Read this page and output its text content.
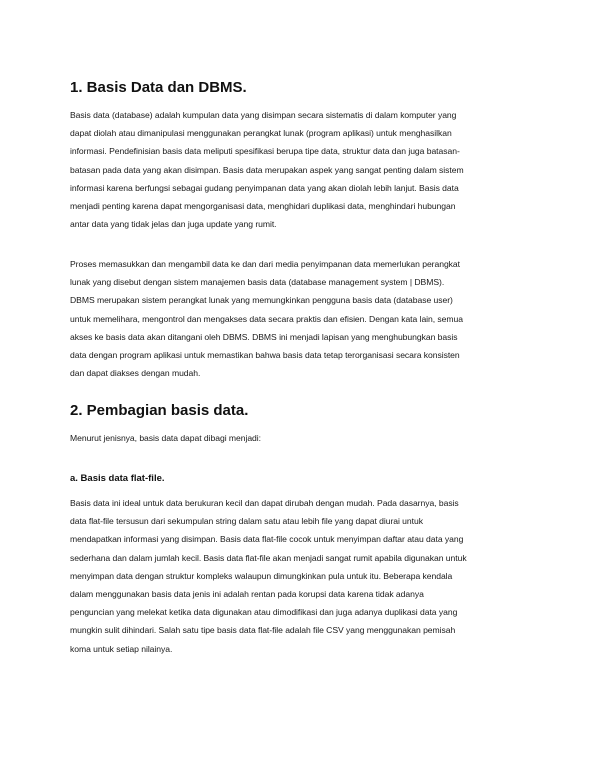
1. Basis Data dan DBMS.
Basis data (database) adalah kumpulan data yang disimpan secara sistematis di dalam komputer yang
dapat diolah atau dimanipulasi menggunakan perangkat lunak (program aplikasi) untuk menghasilkan
informasi. Pendefinisian basis data meliputi spesifikasi berupa tipe data, struktur data dan juga batasan-
batasan pada data yang akan disimpan. Basis data merupakan aspek yang sangat penting dalam sistem
informasi karena berfungsi sebagai gudang penyimpanan data yang akan diolah lebih lanjut. Basis data
menjadi penting karena dapat mengorganisasi data, menghidari duplikasi data, menghindari hubungan
antar data yang tidak jelas dan juga update yang rumit.
Proses memasukkan dan mengambil data ke dan dari media penyimpanan data memerlukan perangkat
lunak yang disebut dengan sistem manajemen basis data (database management system | DBMS).
DBMS merupakan sistem perangkat lunak yang memungkinkan pengguna basis data (database user)
untuk memelihara, mengontrol dan mengakses data secara praktis dan efisien. Dengan kata lain, semua
akses ke basis data akan ditangani oleh DBMS. DBMS ini menjadi lapisan yang menghubungkan basis
data dengan program aplikasi untuk memastikan bahwa basis data tetap terorganisasi secara konsisten
dan dapat diakses dengan mudah.
2. Pembagian basis data.
Menurut jenisnya, basis data dapat dibagi menjadi:
a. Basis data flat-file.
Basis data ini ideal untuk data berukuran kecil dan dapat dirubah dengan mudah. Pada dasarnya, basis
data flat-file tersusun dari sekumpulan string dalam satu atau lebih file yang dapat diurai untuk
mendapatkan informasi yang disimpan. Basis data flat-file cocok untuk menyimpan daftar atau data yang
sederhana dan dalam jumlah kecil. Basis data flat-file akan menjadi sangat rumit apabila digunakan untuk
menyimpan data dengan struktur kompleks walaupun dimungkinkan pula untuk itu. Beberapa kendala
dalam menggunakan basis data jenis ini adalah rentan pada korupsi data karena tidak adanya
penguncian yang melekat ketika data digunakan atau dimodifikasi dan juga adanya duplikasi data yang
mungkin sulit dihindari. Salah satu tipe basis data flat-file adalah file CSV yang menggunakan pemisah
koma untuk setiap nilainya.
